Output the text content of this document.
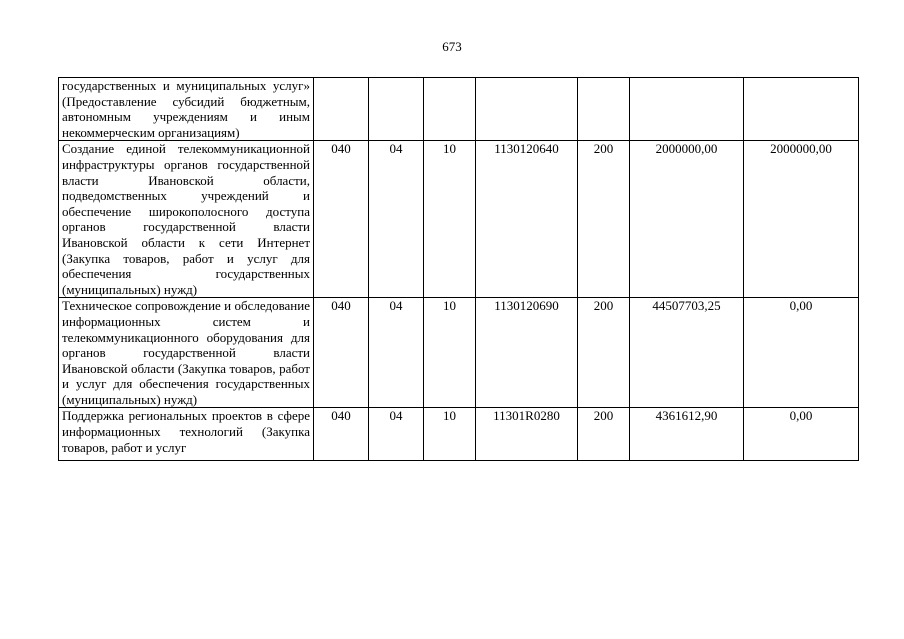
673
государственных и муниципальных услуг» (Предоставление субсидий бюджетным, автономным учреждениям и иным некоммерческим организациям)							
Создание единой телекоммуникационной инфраструктуры органов государственной власти Ивановской области, подведомственных учреждений и обеспечение широкополосного доступа органов государственной власти Ивановской области к сети Интернет (Закупка товаров, работ и услуг для обеспечения государственных (муниципальных) нужд)	040	04	10	1130120640	200	2000000,00	2000000,00
Техническое сопровождение и обследование информационных систем и телекоммуникационного оборудования для органов государственной власти Ивановской области (Закупка товаров, работ и услуг для обеспечения государственных (муниципальных) нужд)	040	04	10	1130120690	200	44507703,25	0,00

Поддержка региональных проектов в сфере информационных технологий (Закупка товаров, работ и услуг	040	04	10	11301R0280	200	4361612,90	0,00
